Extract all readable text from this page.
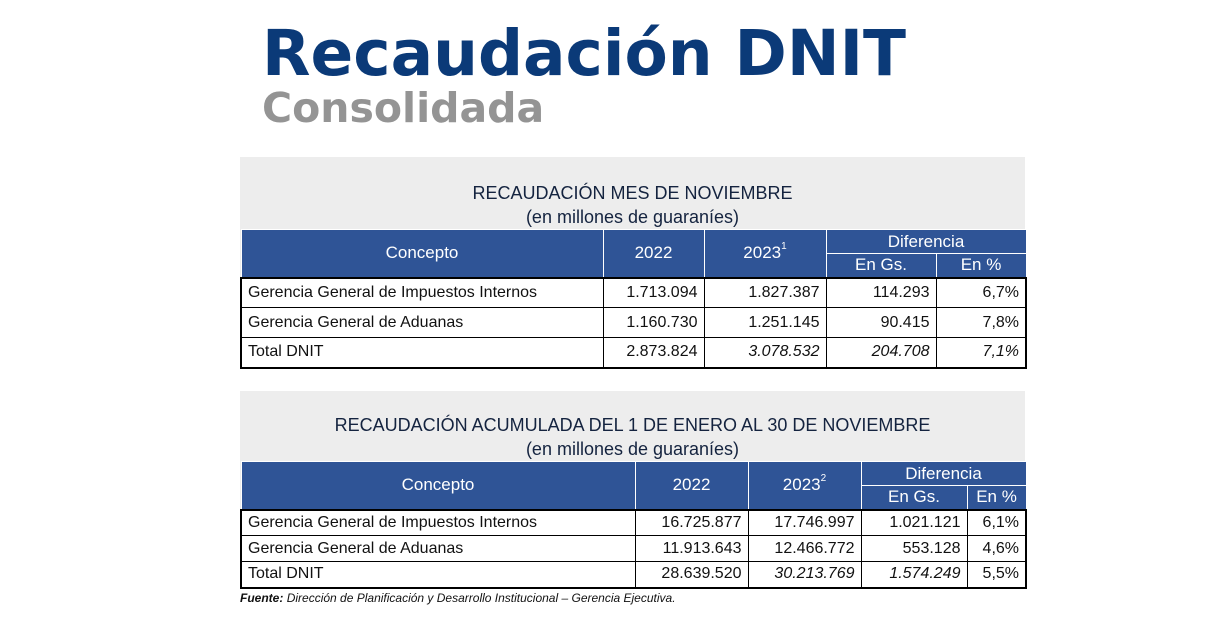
Recaudación DNIT
Consolidada
RECAUDACIÓN MES DE NOVIEMBRE
(en millones de guaraníes)
Concepto	2022	2023$^1$	Diferencia	
			En Gs.	En %
Gerencia General de Impuestos Internos	1.713.094	1.827.387	114.293	6,7%
Gerencia General de Aduanas	1.160.730	1.251.145	90.415	7,8%
Total DNIT	2.873.824	3.078.532	204.708	7,1%
RECAUDACIÓN ACUMULADA DEL 1 DE ENERO AL 30 DE NOVIEMBRE
(en millones de guaraníes)
Concepto	2022	2023$^2$	Diferencia	
			En Gs.	En %
Gerencia General de Impuestos Internos	16.725.877	17.746.997	1.021.121	6,1%
Gerencia General de Aduanas	11.913.643	12.466.772	553.128	4,6%
Total DNIT	28.639.520	30.213.769	1.574.249	5,5%
Fuente: Dirección de Planificación y Desarrollo Institucional – Gerencia Ejecutiva.
